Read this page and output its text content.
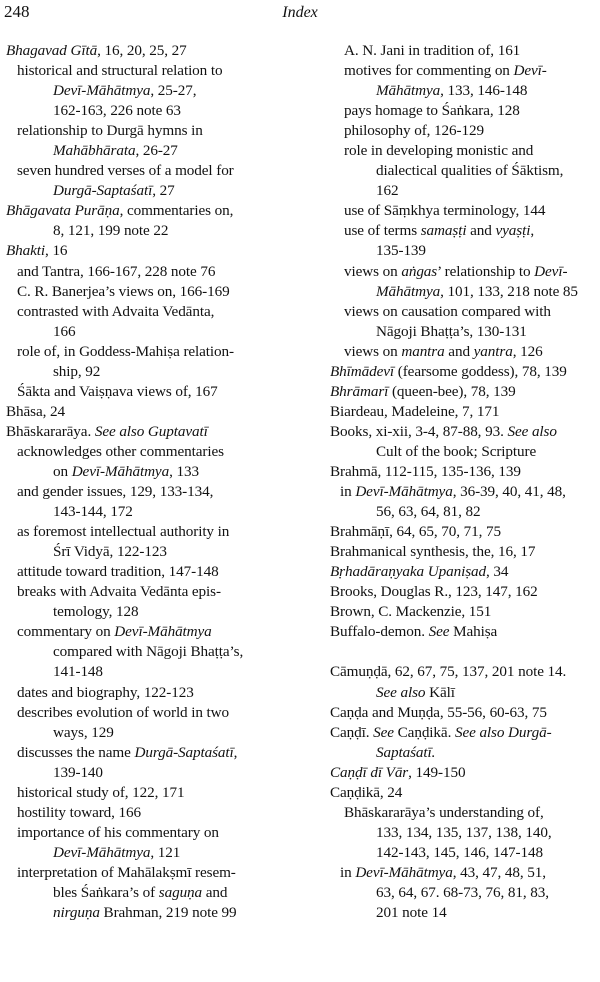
248	Index
Bhagavad Gītā, 16, 20, 25, 27
historical and structural relation to
Devī-Māhātmya, 25-27,
162-163, 226 note 63
relationship to Durgā hymns in
Mahābhārata, 26-27
seven hundred verses of a model for
Durgā-Saptaśatī, 27
Bhāgavata Purāṇa, commentaries on,
8, 121, 199 note 22
Bhakti, 16
and Tantra, 166-167, 228 note 76
C. R. Banerjea’s views on, 166-169
contrasted with Advaita Vedānta,
166
role of, in Goddess-Mahiṣa relation-
ship, 92
Śākta and Vaiṣṇava views of, 167
Bhāsa, 24
Bhāskararāya. See also Guptavatī
acknowledges other commentaries
on Devī-Māhātmya, 133
and gender issues, 129, 133-134,
143-144, 172
as foremost intellectual authority in
Śrī Vidyā, 122-123
attitude toward tradition, 147-148
breaks with Advaita Vedānta epis-
temology, 128
commentary on Devī-Māhātmya
compared with Nāgoji Bhaṭṭa’s,
141-148
dates and biography, 122-123
describes evolution of world in two
ways, 129
discusses the name Durgā-Saptaśatī,
139-140
historical study of, 122, 171
hostility toward, 166
importance of his commentary on
Devī-Māhātmya, 121
interpretation of Mahālakṣmī resem-
bles Śaṅkara’s of saguṇa and
nirguṇa Brahman, 219 note 99
A. N. Jani in tradition of, 161
motives for commenting on Devī-
Māhātmya, 133, 146-148
pays homage to Śaṅkara, 128
philosophy of, 126-129
role in developing monistic and
dialectical qualities of Śāktism,
162
use of Sāṃkhya terminology, 144
use of terms samaṣṭi and vyaṣṭi,
135-139
views on aṅgas’ relationship to Devī-
Māhātmya, 101, 133, 218 note 85
views on causation compared with
Nāgoji Bhaṭṭa’s, 130-131
views on mantra and yantra, 126
Bhīmādevī (fearsome goddess), 78, 139
Bhrāmarī (queen-bee), 78, 139
Biardeau, Madeleine, 7, 171
Books, xi-xii, 3-4, 87-88, 93. See also
Cult of the book; Scripture
Brahmā, 112-115, 135-136, 139
in Devī-Māhātmya, 36-39, 40, 41, 48,
56, 63, 64, 81, 82
Brahmāṇī, 64, 65, 70, 71, 75
Brahmanical synthesis, the, 16, 17
Bṛhadāraṇyaka Upaniṣad, 34
Brooks, Douglas R., 123, 147, 162
Brown, C. Mackenzie, 151
Buffalo-demon. See Mahiṣa
Cāmuṇḍā, 62, 67, 75, 137, 201 note 14.
See also Kālī
Caṇḍa and Muṇḍa, 55-56, 60-63, 75
Caṇḍī. See Caṇḍikā. See also Durgā-
Saptaśatī.
Caṇḍī dī Vār, 149-150
Caṇḍikā, 24
Bhāskararāya’s understanding of,
133, 134, 135, 137, 138, 140,
142-143, 145, 146, 147-148
in Devī-Māhātmya, 43, 47, 48, 51,
63, 64, 67. 68-73, 76, 81, 83,
201 note 14
